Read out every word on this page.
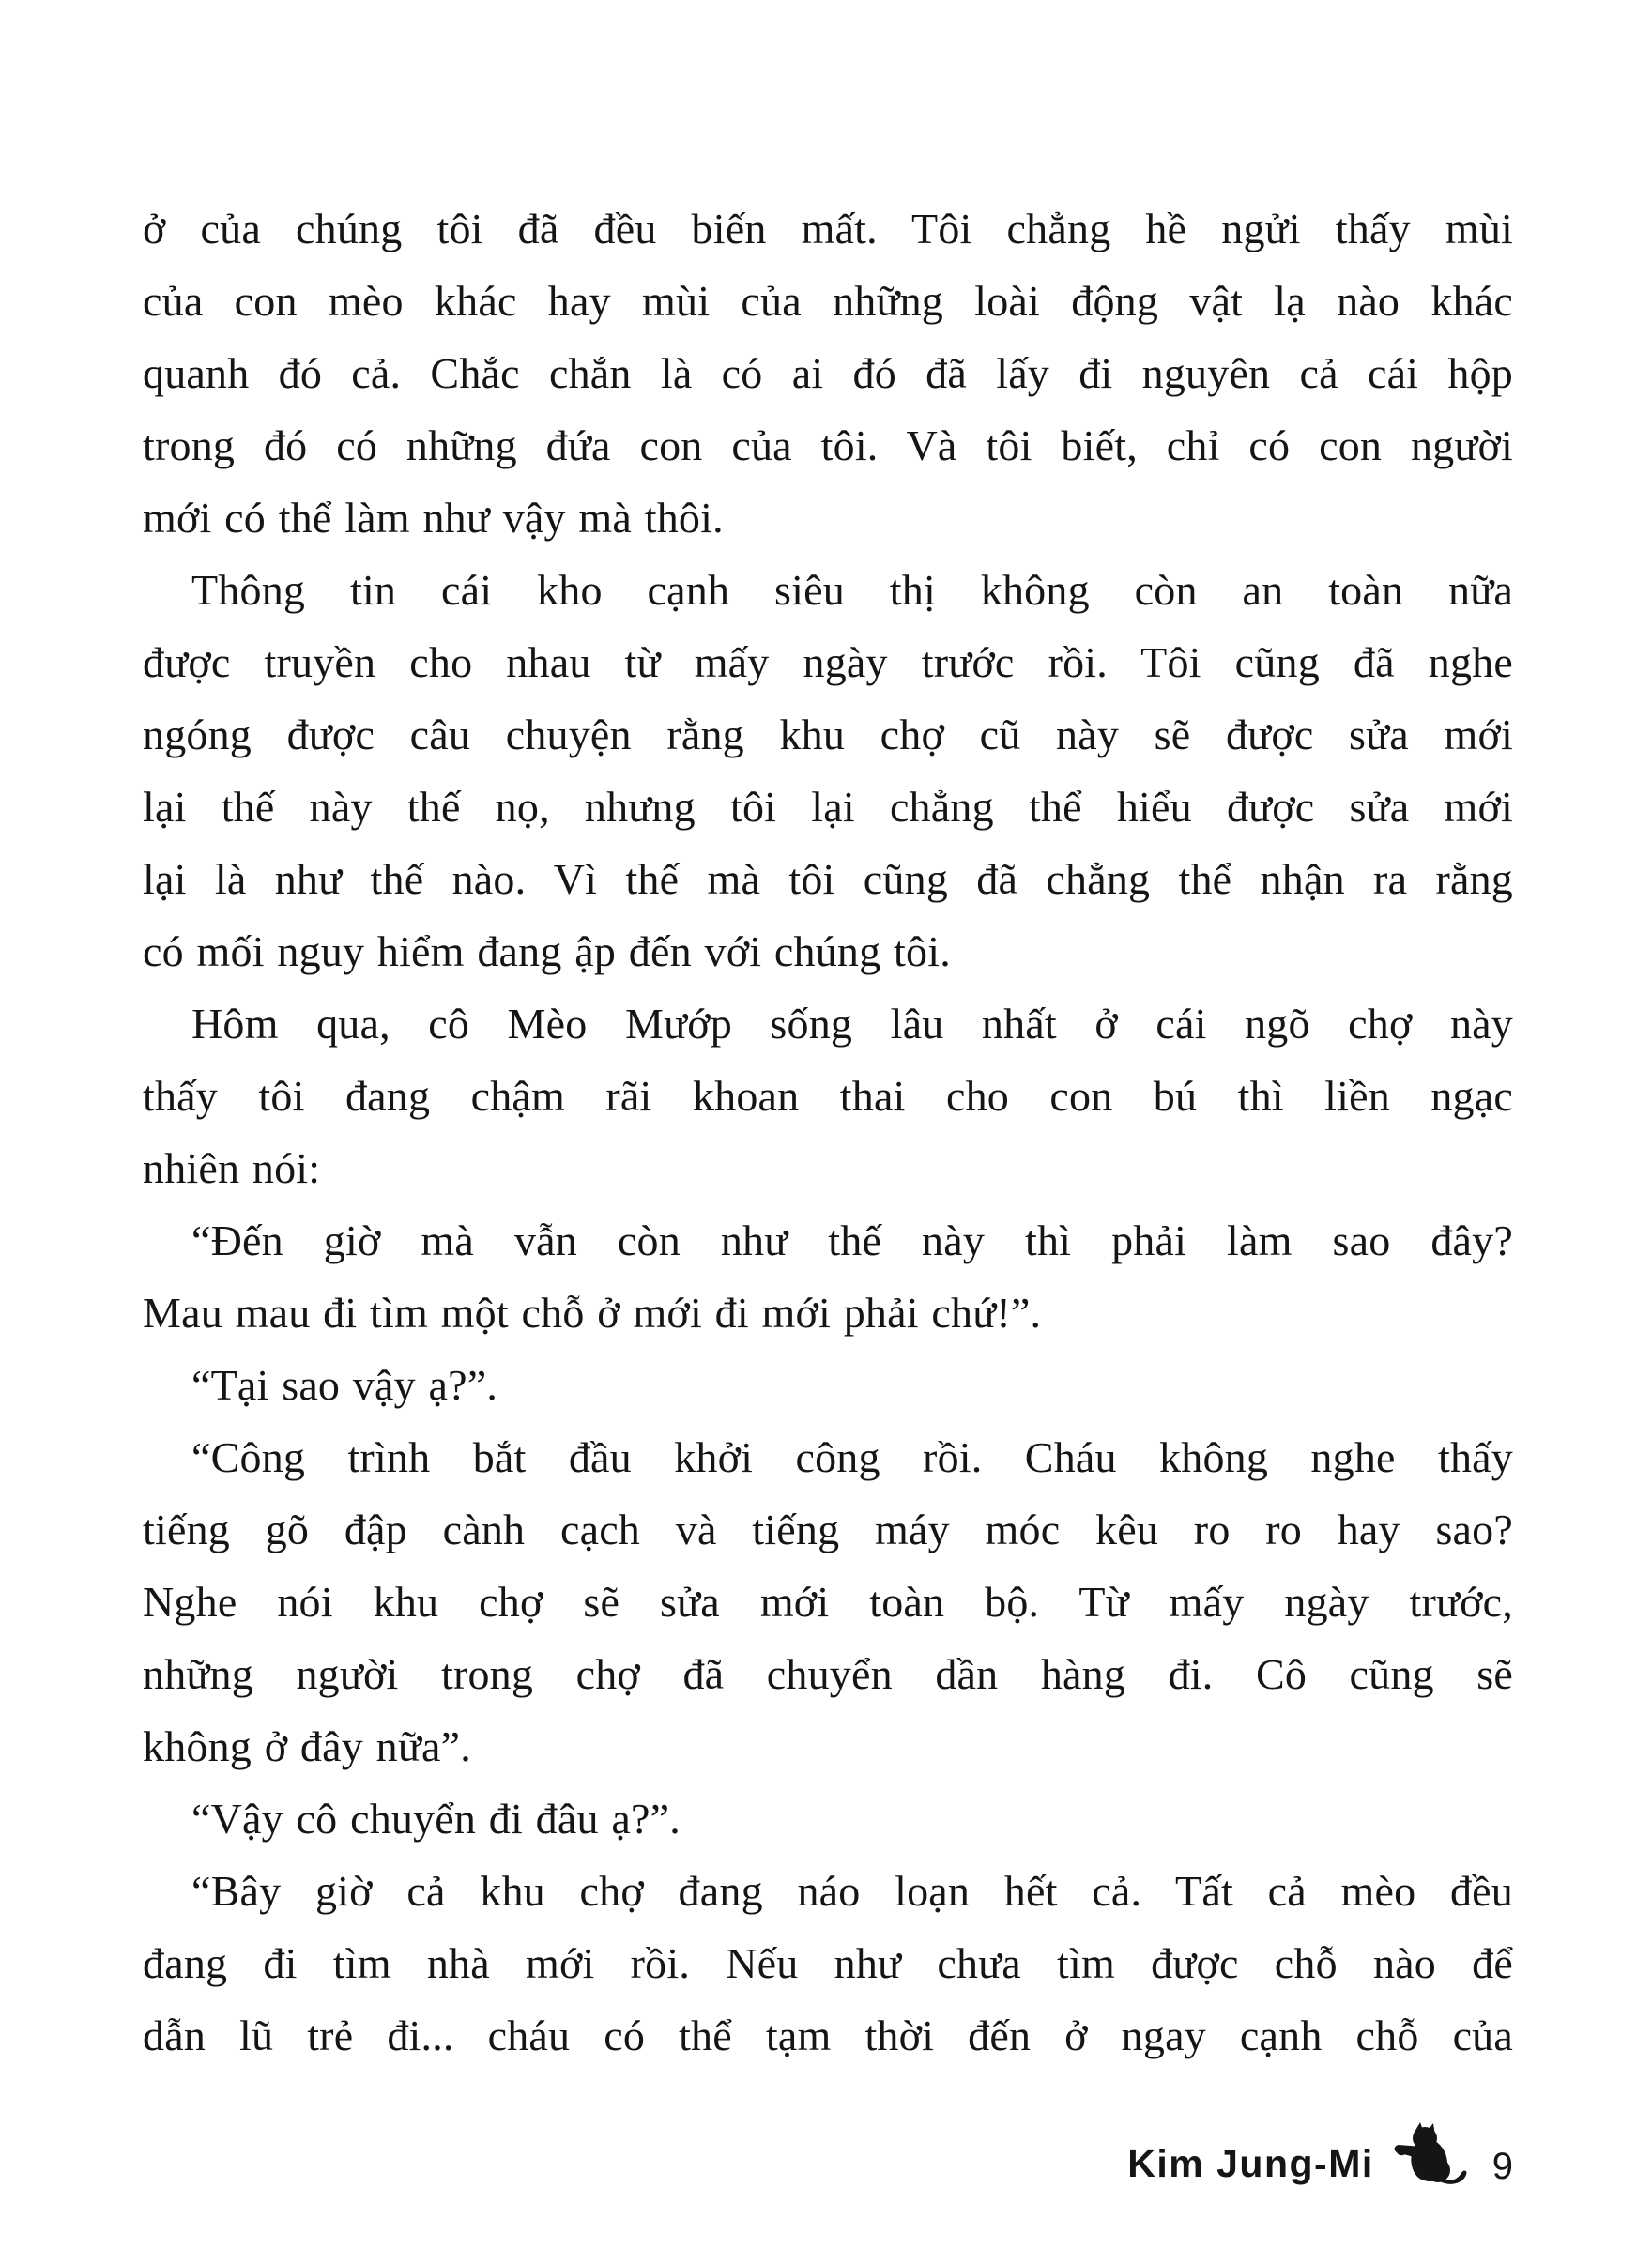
ở của chúng tôi đã đều biến mất. Tôi chẳng hề ngửi thấy mùi
của con mèo khác hay mùi của những loài động vật lạ nào khác
quanh đó cả. Chắc chắn là có ai đó đã lấy đi nguyên cả cái hộp
trong đó có những đứa con của tôi. Và tôi biết, chỉ có con người
mới có thể làm như vậy mà thôi.
Thông tin cái kho cạnh siêu thị không còn an toàn nữa
được truyền cho nhau từ mấy ngày trước rồi. Tôi cũng đã nghe
ngóng được câu chuyện rằng khu chợ cũ này sẽ được sửa mới
lại thế này thế nọ, nhưng tôi lại chẳng thể hiểu được sửa mới
lại là như thế nào. Vì thế mà tôi cũng đã chẳng thể nhận ra rằng
có mối nguy hiểm đang ập đến với chúng tôi.
Hôm qua, cô Mèo Mướp sống lâu nhất ở cái ngõ chợ này
thấy tôi đang chậm rãi khoan thai cho con bú thì liền ngạc
nhiên nói:
“Đến giờ mà vẫn còn như thế này thì phải làm sao đây?
Mau mau đi tìm một chỗ ở mới đi mới phải chứ!”.
“Tại sao vậy ạ?”.
“Công trình bắt đầu khởi công rồi. Cháu không nghe thấy
tiếng gõ đập cành cạch và tiếng máy móc kêu ro ro hay sao?
Nghe nói khu chợ sẽ sửa mới toàn bộ. Từ mấy ngày trước,
những người trong chợ đã chuyển dần hàng đi. Cô cũng sẽ
không ở đây nữa”.
“Vậy cô chuyển đi đâu ạ?”.
“Bây giờ cả khu chợ đang náo loạn hết cả. Tất cả mèo đều
đang đi tìm nhà mới rồi. Nếu như chưa tìm được chỗ nào để
dẫn lũ trẻ đi... cháu có thể tạm thời đến ở ngay cạnh chỗ của
Kim Jung-Mi	9
